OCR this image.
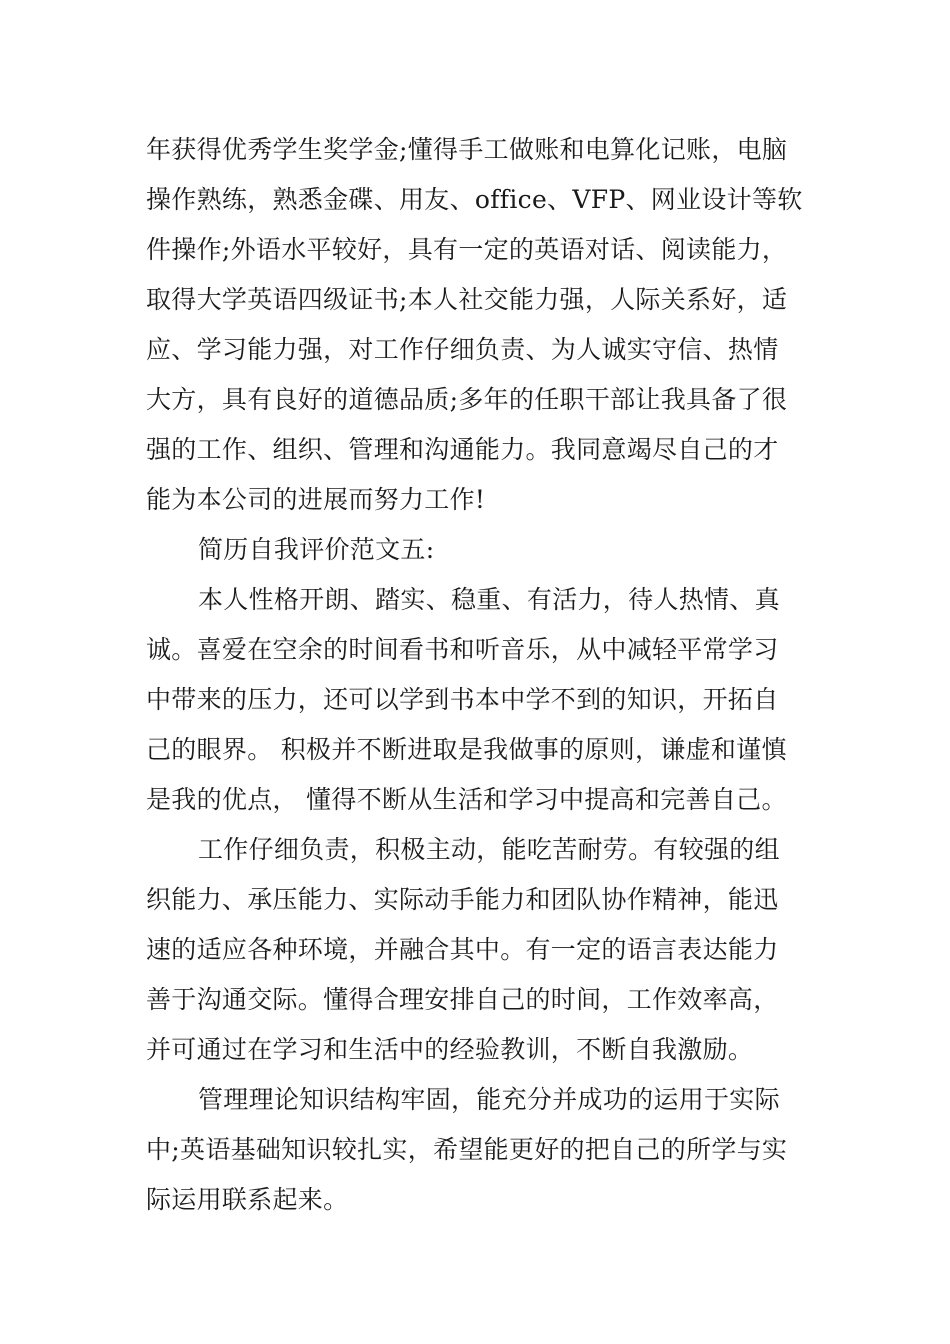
年获得优秀学生奖学金;懂得手工做账和电算化记账，电脑

操作熟练，熟悉金碟、用友、office、VFP、网业设计等软

件操作;外语水平较好，具有一定的英语对话、阅读能力，

取得大学英语四级证书;本人社交能力强，人际关系好，适

应、学习能力强，对工作仔细负责、为人诚实守信、热情

大方，具有良好的道德品质;多年的任职干部让我具备了很

强的工作、组织、管理和沟通能力。我同意竭尽自己的才

能为本公司的进展而努力工作!

简历自我评价范文五:

本人性格开朗、踏实、稳重、有活力，待人热情、真

诚。喜爱在空余的时间看书和听音乐，从中减轻平常学习

中带来的压力，还可以学到书本中学不到的知识，开拓自

己的眼界。 积极并不断进取是我做事的原则，谦虚和谨慎

是我的优点， 懂得不断从生活和学习中提高和完善自己。

工作仔细负责，积极主动，能吃苦耐劳。有较强的组

织能力、承压能力、实际动手能力和团队协作精神，能迅

速的适应各种环境，并融合其中。有一定的语言表达能力

善于沟通交际。懂得合理安排自己的时间，工作效率高，

并可通过在学习和生活中的经验教训，不断自我激励。

管理理论知识结构牢固，能充分并成功的运用于实际

中;英语基础知识较扎实，希望能更好的把自己的所学与实

际运用联系起来。
